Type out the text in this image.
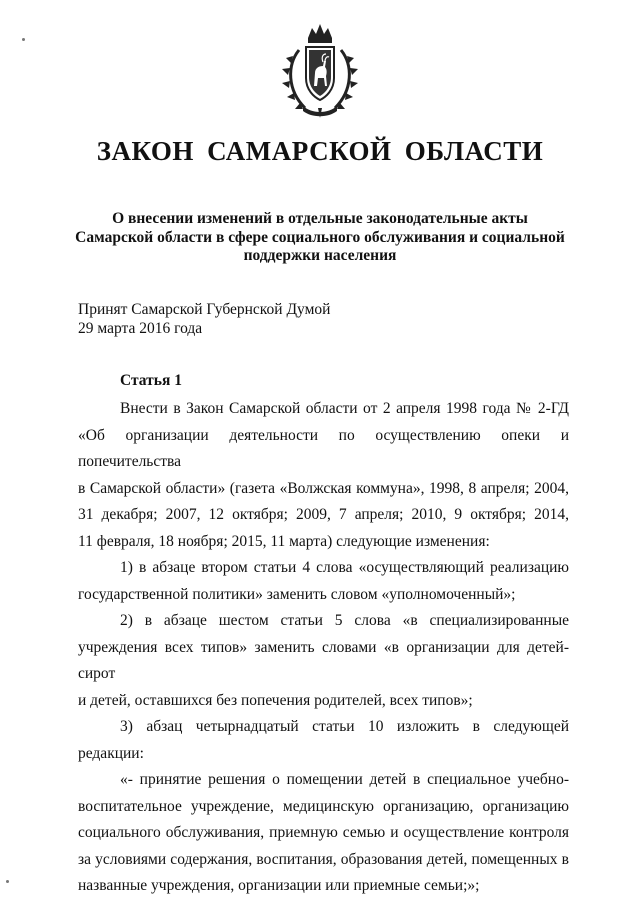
ЗАКОН САМАРСКОЙ ОБЛАСТИ
О внесении изменений в отдельные законодательные акты
Самарской области в сфере социального обслуживания и социальной
поддержки населения
Принят Самарской Губернской Думой
29 марта 2016 года
Статья 1

Внести в Закон Самарской области от 2 апреля 1998 года № 2-ГД

«Об организации деятельности по осуществлению опеки и попечительства

в Самарской области» (газета «Волжская коммуна», 1998, 8 апреля; 2004,

31 декабря; 2007, 12 октября; 2009, 7 апреля; 2010, 9 октября; 2014,

11 февраля, 18 ноября; 2015, 11 марта) следующие изменения:

1) в абзаце втором статьи 4 слова «осуществляющий реализацию

государственной политики» заменить словом «уполномоченный»;

2) в абзаце шестом статьи 5 слова «в специализированные

учреждения всех типов» заменить словами «в организации для детей-сирот

и детей, оставшихся без попечения родителей, всех типов»;

3) абзац четырнадцатый статьи 10 изложить в следующей редакции:

«- принятие решения о помещении детей в специальное учебно-

воспитательное учреждение, медицинскую организацию, организацию

социального обслуживания, приемную семью и осуществление контроля

за условиями содержания, воспитания, образования детей, помещенных в

названные учреждения, организации или приемные семьи;»;
